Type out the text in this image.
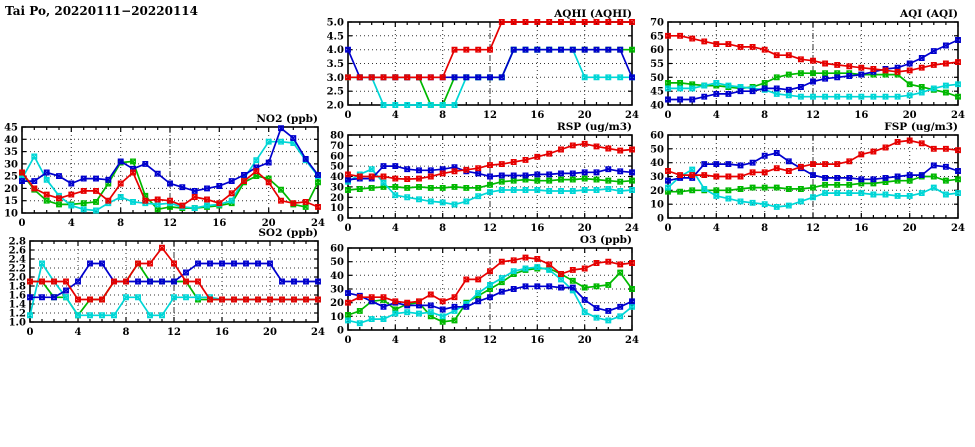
Tai Po, 20220111−20220114	AQHI (AQHI)	AQI (AQI)
NO2 (ppb)
RSP (ug/m3)	FSP (ug/m3)
SO2 (ppb)
O3 (ppb)
2.0
2.5
3.0
3.5
4.0
4.5
5.0
0	4	8	12	16	20	24
40
45
50
55
60
65
70
0	4	8	12	16	20	24
10
15
20
25
30
35
40
45
0	4	8	12	16	20	24 0
10
20
30
40
50
60
70
80
0	4	8	12	16	20	24
0
10
20
30
40
50
60
0	4	8	12	16	20	24
1.0
1.2
1.4
1.6
1.8
2.0
2.2
2.4
2.6
2.8
0	4	8	12	16	20	24 0
10
20
30
40
50
60
0	4	8	12	16	20	24
